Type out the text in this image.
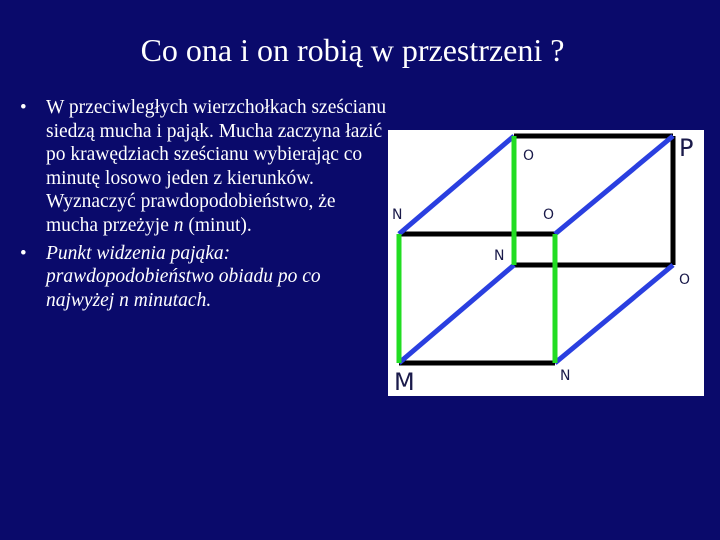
Co ona i on robią w przestrzeni ?
• W przeciwległych wierzchołkach sześcianu siedzą mucha i pająk. Mucha zaczyna łazić po krawędziach sześcianu wybierając co minutę losowo jeden z kierunków. Wyznaczyć prawdopodobieństwo, że mucha przeżyje n (minut).
• Punkt widzenia pająka: prawdopodobieństwo obiadu po co najwyżej n minutach.
P
M
O
O
O
N
N
N
